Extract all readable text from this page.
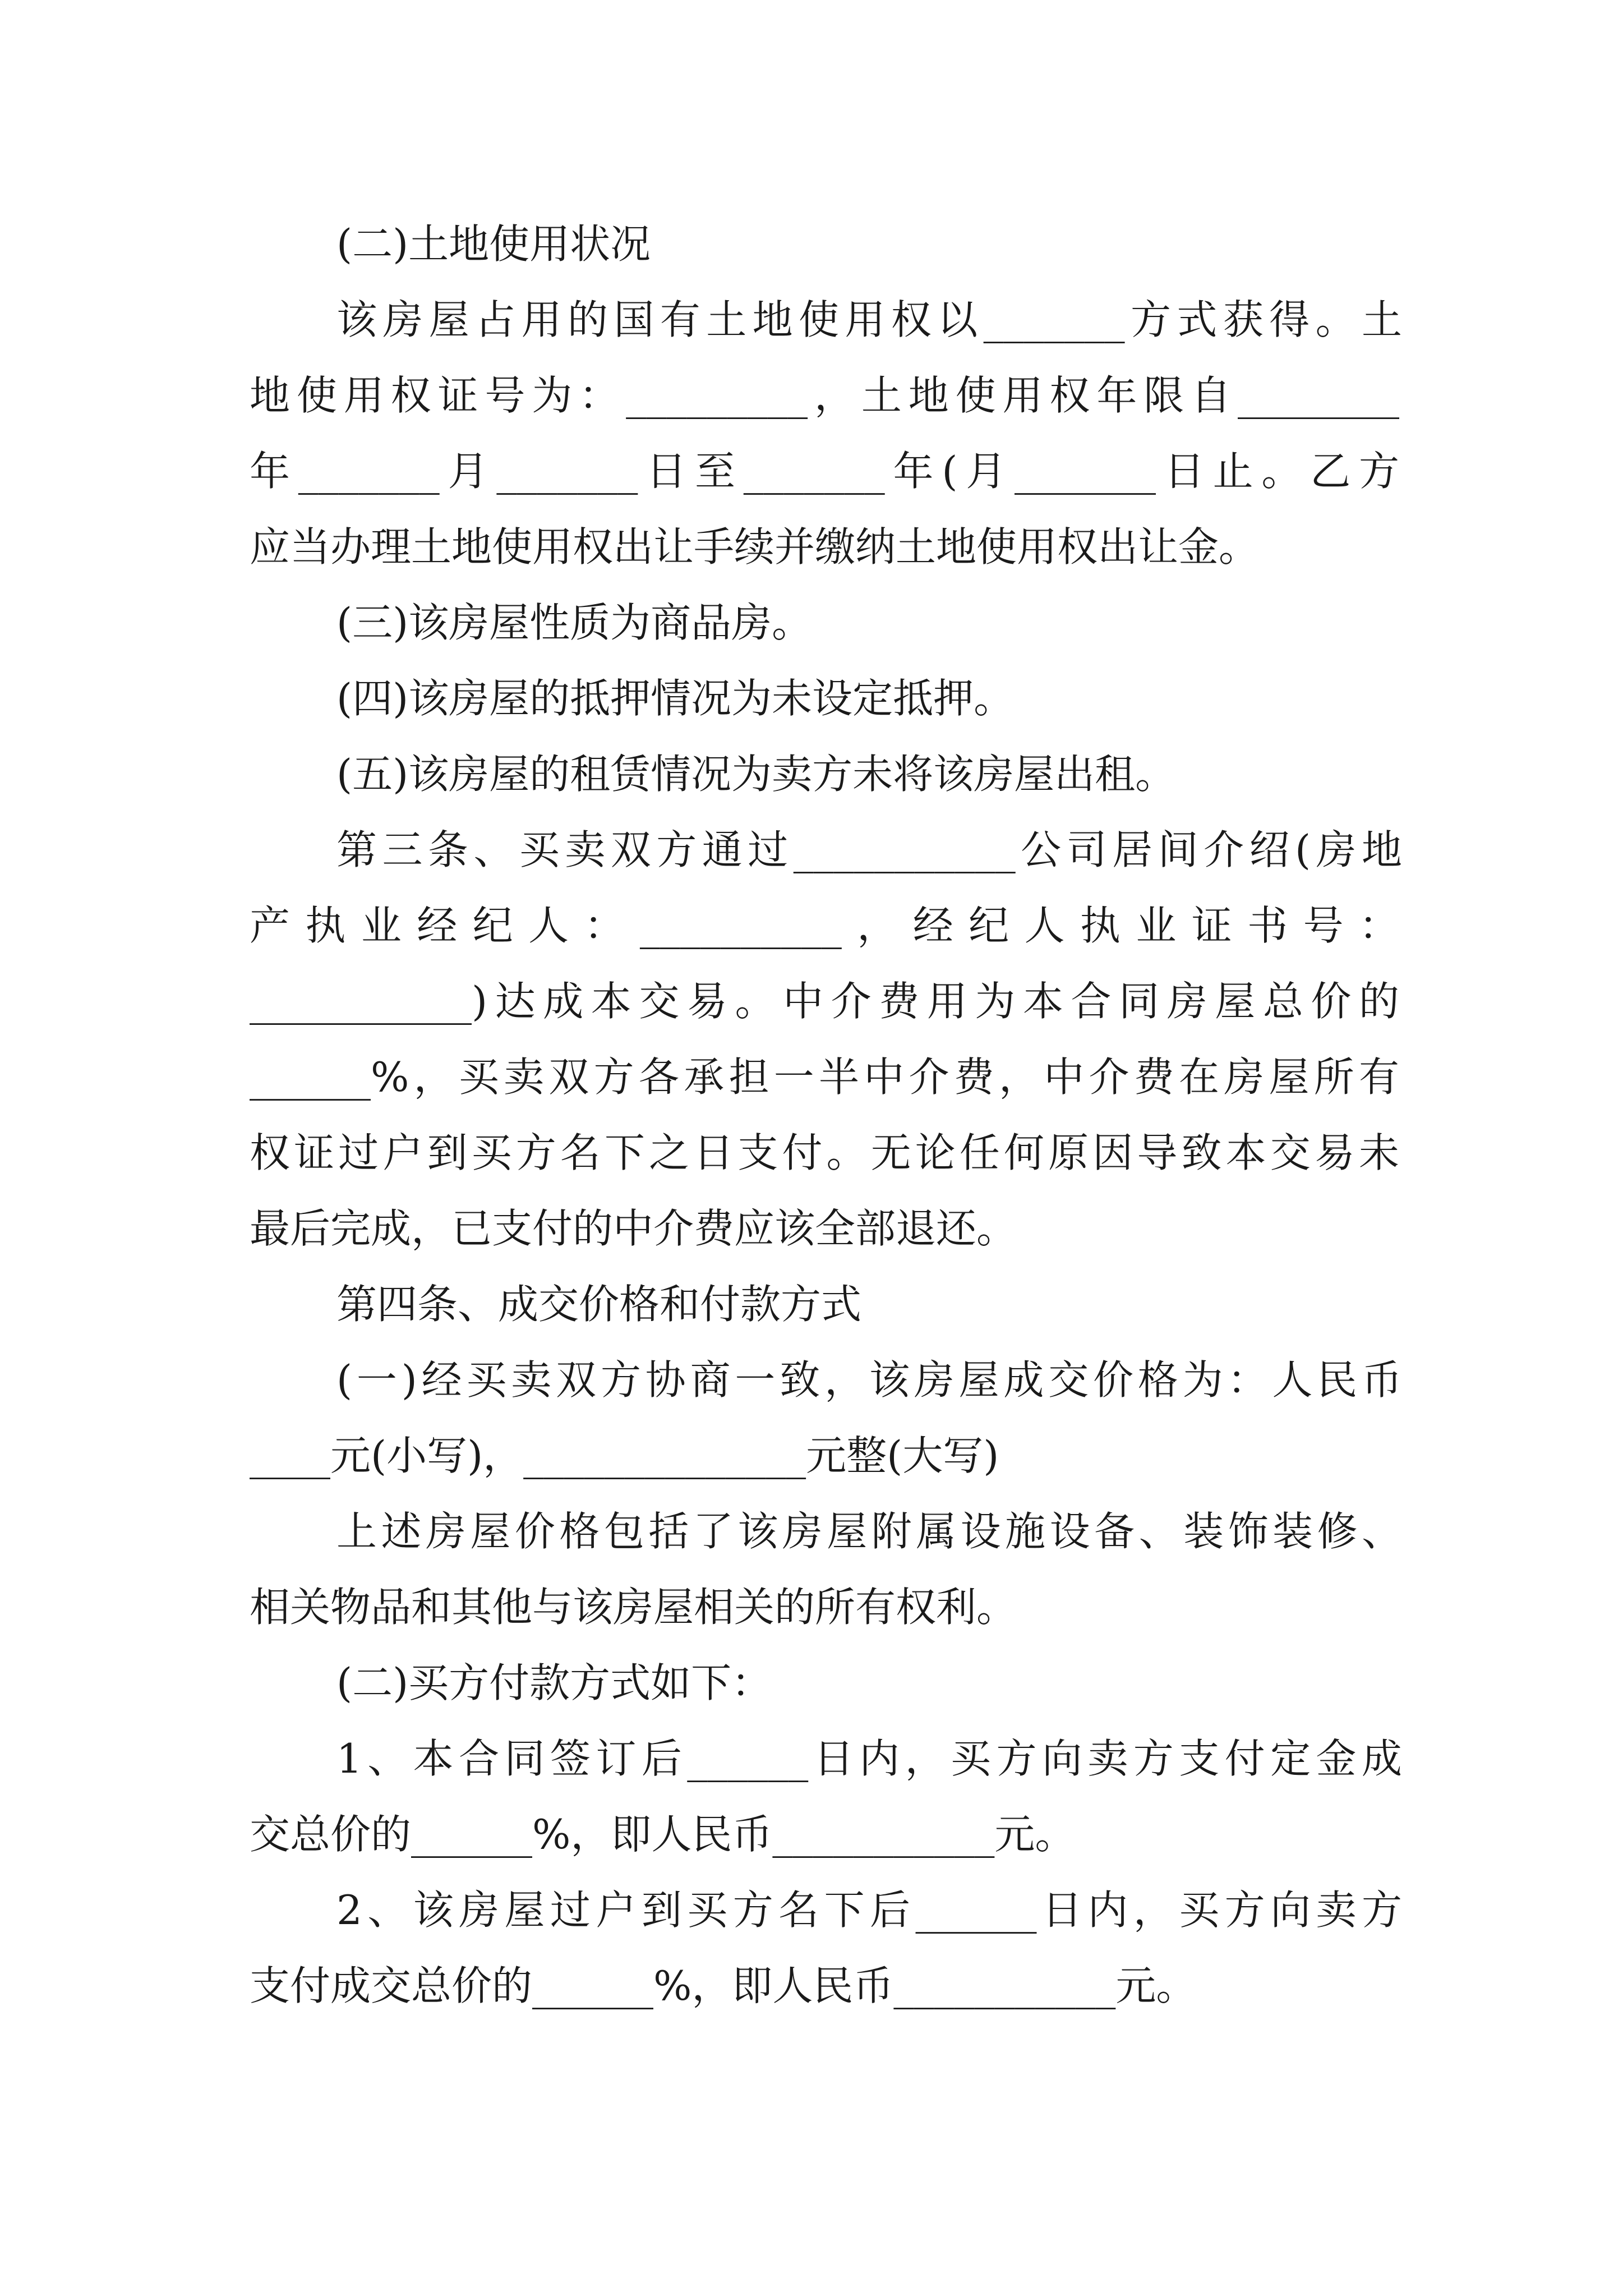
(二)土地使用状况

该房屋占用的国有土地使用权以_______方式获得。土

地使用权证号为：_________，土地使用权年限自________

年_______月_______日至_______年(月_______日止。乙方

应当办理土地使用权出让手续并缴纳土地使用权出让金。

(三)该房屋性质为商品房。

(四)该房屋的抵押情况为未设定抵押。

(五)该房屋的租赁情况为卖方未将该房屋出租。

第三条、买卖双方通过___________公司居间介绍(房地

产执业经纪人：__________，经纪人执业证书号：

___________)达成本交易。中介费用为本合同房屋总价的

______%，买卖双方各承担一半中介费，中介费在房屋所有

权证过户到买方名下之日支付。无论任何原因导致本交易未

最后完成，已支付的中介费应该全部退还。

第四条、成交价格和付款方式

(一)经买卖双方协商一致，该房屋成交价格为：人民币

____元(小写)，______________元整(大写)

上述房屋价格包括了该房屋附属设施设备、装饰装修、

相关物品和其他与该房屋相关的所有权利。

(二)买方付款方式如下：

1、本合同签订后______日内，买方向卖方支付定金成

交总价的______%，即人民币___________元。

2、该房屋过户到买方名下后______日内，买方向卖方

支付成交总价的______%，即人民币___________元。
